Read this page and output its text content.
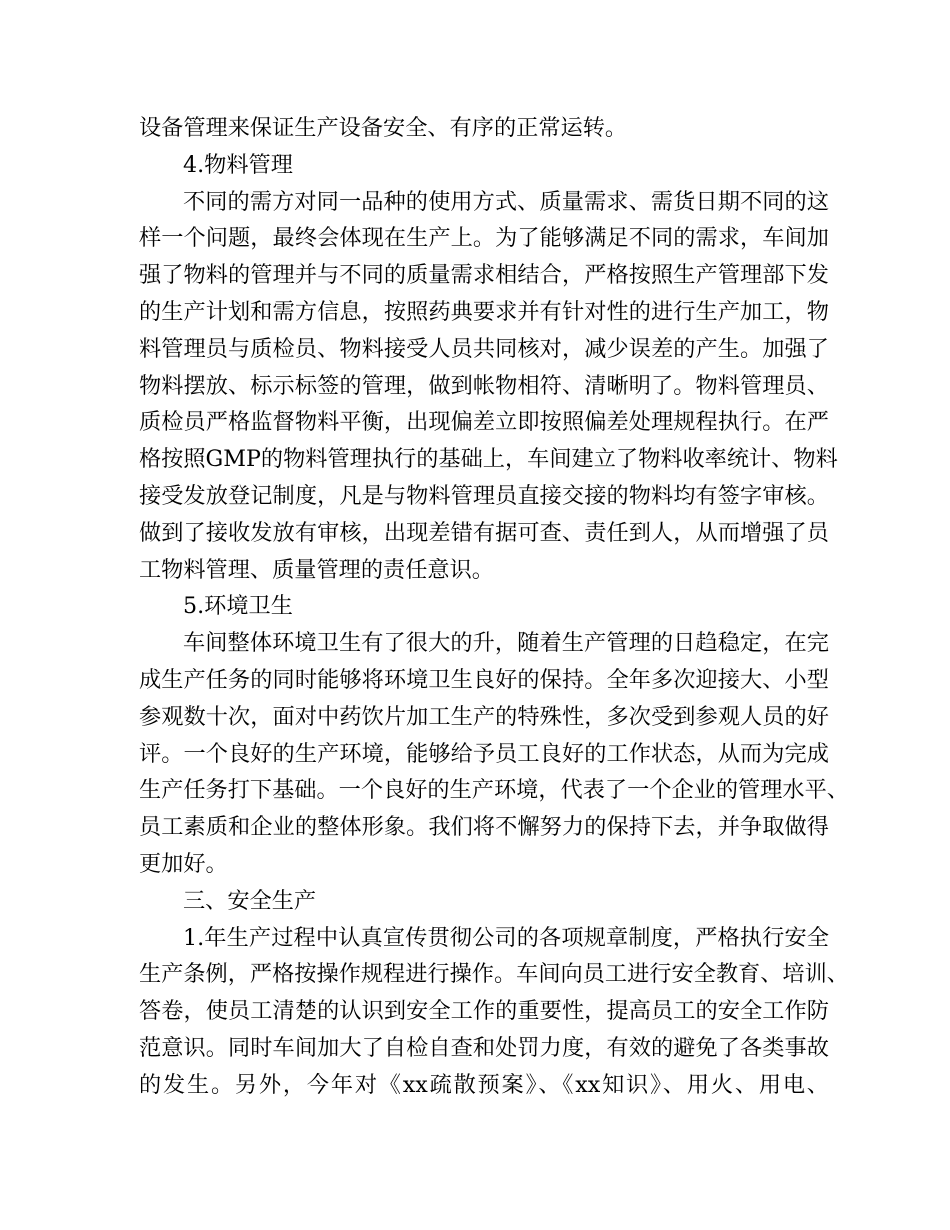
设备管理来保证生产设备安全、有序的正常运转。
4.物料管理
不同的需方对同一品种的使用方式、质量需求、需货日期不同的这
样一个问题，最终会体现在生产上。为了能够满足不同的需求，车间加
强了物料的管理并与不同的质量需求相结合，严格按照生产管理部下发
的生产计划和需方信息，按照药典要求并有针对性的进行生产加工，物
料管理员与质检员、物料接受人员共同核对，减少误差的产生。加强了
物料摆放、标示标签的管理，做到帐物相符、清晰明了。物料管理员、
质检员严格监督物料平衡，出现偏差立即按照偏差处理规程执行。在严
格按照GMP的物料管理执行的基础上，车间建立了物料收率统计、物料
接受发放登记制度，凡是与物料管理员直接交接的物料均有签字审核。
做到了接收发放有审核，出现差错有据可查、责任到人，从而增强了员
工物料管理、质量管理的责任意识。
5.环境卫生
车间整体环境卫生有了很大的升，随着生产管理的日趋稳定，在完
成生产任务的同时能够将环境卫生良好的保持。全年多次迎接大、小型
参观数十次，面对中药饮片加工生产的特殊性，多次受到参观人员的好
评。一个良好的生产环境，能够给予员工良好的工作状态，从而为完成
生产任务打下基础。一个良好的生产环境，代表了一个企业的管理水平、
员工素质和企业的整体形象。我们将不懈努力的保持下去，并争取做得
更加好。
三、安全生产
1.年生产过程中认真宣传贯彻公司的各项规章制度，严格执行安全
生产条例，严格按操作规程进行操作。车间向员工进行安全教育、培训、
答卷，使员工清楚的认识到安全工作的重要性，提高员工的安全工作防
范意识。同时车间加大了自检自查和处罚力度，有效的避免了各类事故
的发生。另外，今年对《xx疏散预案》、《xx知识》、用火、用电、
